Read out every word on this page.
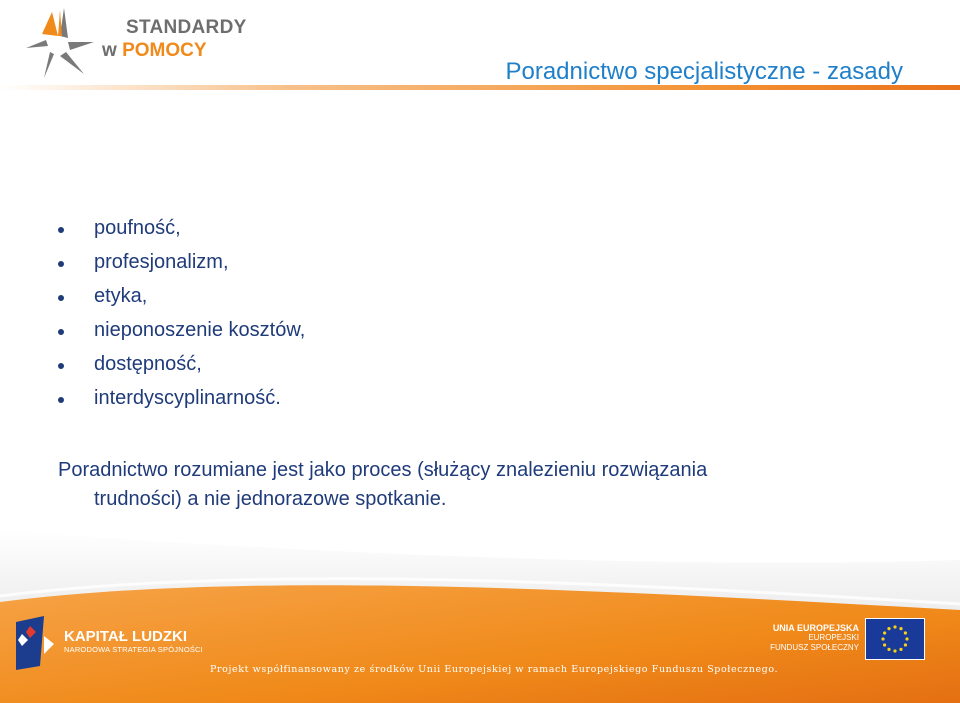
STANDARDY
w POMOCY
Poradnictwo specjalistyczne - zasady
poufność,
profesjonalizm,
etyka,
nieponoszenie kosztów,
dostępność,
interdyscyplinarność.

Poradnictwo rozumiane jest jako proces (służący znalezieniu rozwiązania
trudności) a nie jednorazowe spotkanie.

KAPITAŁ LUDZKI
NARODOWA STRATEGIA SPÓJNOŚCI
UNIA EUROPEJSKA
EUROPEJSKI
FUNDUSZ SPOŁECZNY
Projekt współfinansowany ze środków Unii Europejskiej w ramach Europejskiego Funduszu Społecznego.
